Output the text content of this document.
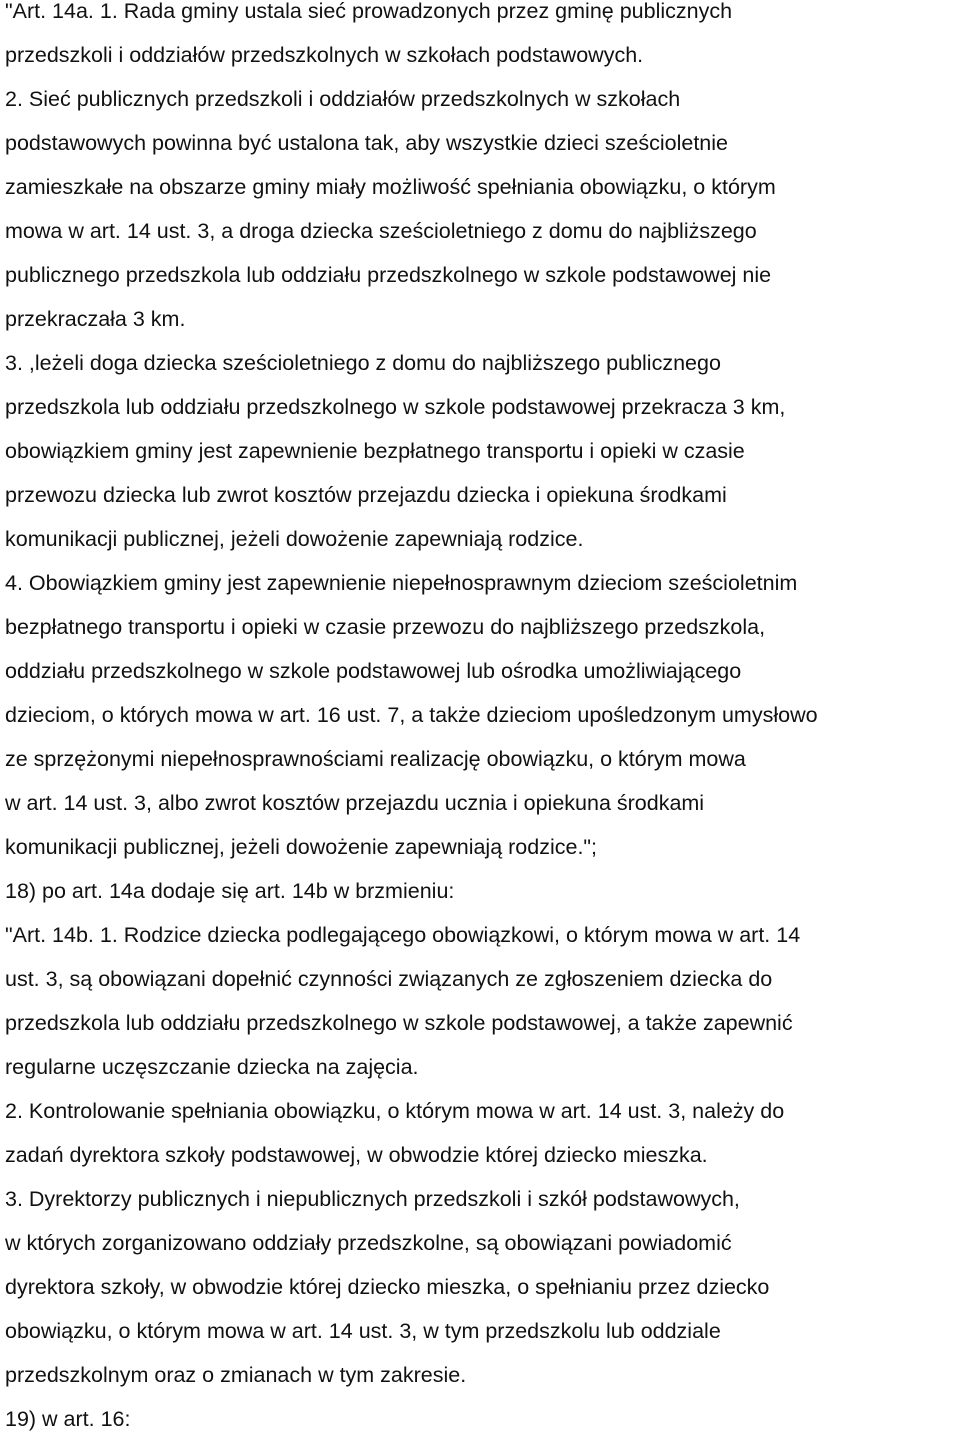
"Art. 14a. 1. Rada gminy ustala sieć prowadzonych przez gminę publicznych
przedszkoli i oddziałów przedszkolnych w szkołach podstawowych.
2. Sieć publicznych przedszkoli i oddziałów przedszkolnych w szkołach
podstawowych powinna być ustalona tak, aby wszystkie dzieci sześcioletnie
zamieszkałe na obszarze gminy miały możliwość spełniania obowiązku, o którym
mowa w art. 14 ust. 3, a droga dziecka sześcioletniego z domu do najbliższego
publicznego przedszkola lub oddziału przedszkolnego w szkole podstawowej nie
przekraczała 3 km.
3. ,leżeli doga dziecka sześcioletniego z domu do najbliższego publicznego
przedszkola lub oddziału przedszkolnego w szkole podstawowej przekracza 3 km,
obowiązkiem gminy jest zapewnienie bezpłatnego transportu i opieki w czasie
przewozu dziecka lub zwrot kosztów przejazdu dziecka i opiekuna środkami
komunikacji publicznej, jeżeli dowożenie zapewniają rodzice.
4. Obowiązkiem gminy jest zapewnienie niepełnosprawnym dzieciom sześcioletnim
bezpłatnego transportu i opieki w czasie przewozu do najbliższego przedszkola,
oddziału przedszkolnego w szkole podstawowej lub ośrodka umożliwiającego
dzieciom, o których mowa w art. 16 ust. 7, a także dzieciom upośledzonym umysłowo
ze sprzężonymi niepełnosprawnościami realizację obowiązku, o którym mowa
w art. 14 ust. 3, albo zwrot kosztów przejazdu ucznia i opiekuna środkami
komunikacji publicznej, jeżeli dowożenie zapewniają rodzice.";
18) po art. 14a dodaje się art. 14b w brzmieniu:
"Art. 14b. 1. Rodzice dziecka podlegającego obowiązkowi, o którym mowa w art. 14
ust. 3, są obowiązani dopełnić czynności związanych ze zgłoszeniem dziecka do
przedszkola lub oddziału przedszkolnego w szkole podstawowej, a także zapewnić
regularne uczęszczanie dziecka na zajęcia.
2. Kontrolowanie spełniania obowiązku, o którym mowa w art. 14 ust. 3, należy do
zadań dyrektora szkoły podstawowej, w obwodzie której dziecko mieszka.
3. Dyrektorzy publicznych i niepublicznych przedszkoli i szkół podstawowych,
w których zorganizowano oddziały przedszkolne, są obowiązani powiadomić
dyrektora szkoły, w obwodzie której dziecko mieszka, o spełnianiu przez dziecko
obowiązku, o którym mowa w art. 14 ust. 3, w tym przedszkolu lub oddziale
przedszkolnym oraz o zmianach w tym zakresie.
19) w art. 16:
